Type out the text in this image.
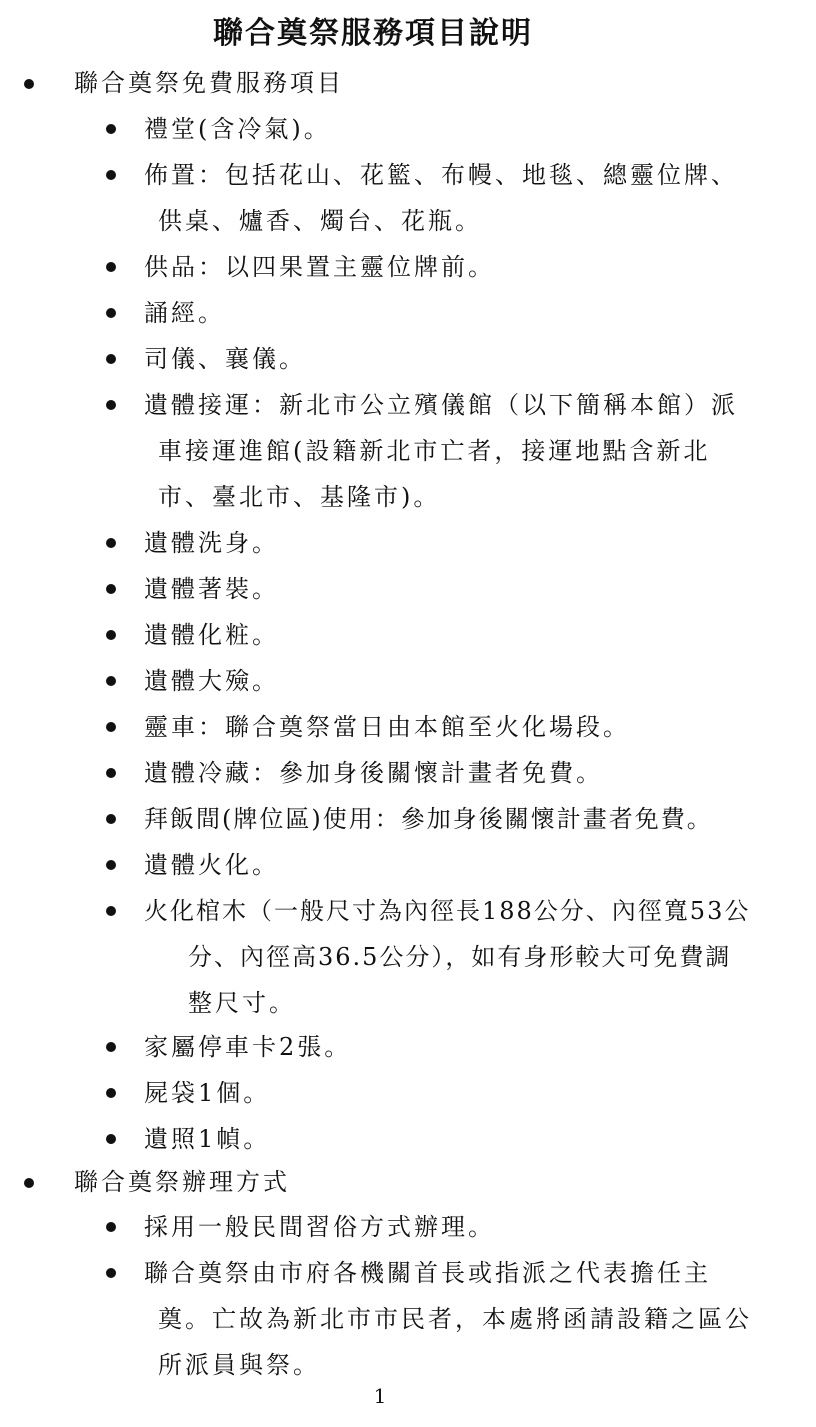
聯合奠祭服務項目說明
聯合奠祭免費服務項目
禮堂(含冷氣)。
佈置：包括花山、花籃、布幔、地毯、總靈位牌、
供桌、爐香、燭台、花瓶。
供品：以四果置主靈位牌前。
誦經。
司儀、襄儀。
遺體接運：新北市公立殯儀館（以下簡稱本館）派
車接運進館(設籍新北市亡者，接運地點含新北
市、臺北市、基隆市)。
遺體洗身。
遺體著裝。
遺體化粧。
遺體大殮。
靈車：聯合奠祭當日由本館至火化場段。
遺體冷藏：參加身後關懷計畫者免費。
拜飯間(牌位區)使用：參加身後關懷計畫者免費。
遺體火化。
火化棺木（一般尺寸為內徑長188公分、內徑寬53公
分、內徑高36.5公分），如有身形較大可免費調
整尺寸。
家屬停車卡2張。
屍袋1個。
遺照1幀。
聯合奠祭辦理方式
採用一般民間習俗方式辦理。
聯合奠祭由市府各機關首長或指派之代表擔任主
奠。亡故為新北市市民者，本處將函請設籍之區公
所派員與祭。
1
